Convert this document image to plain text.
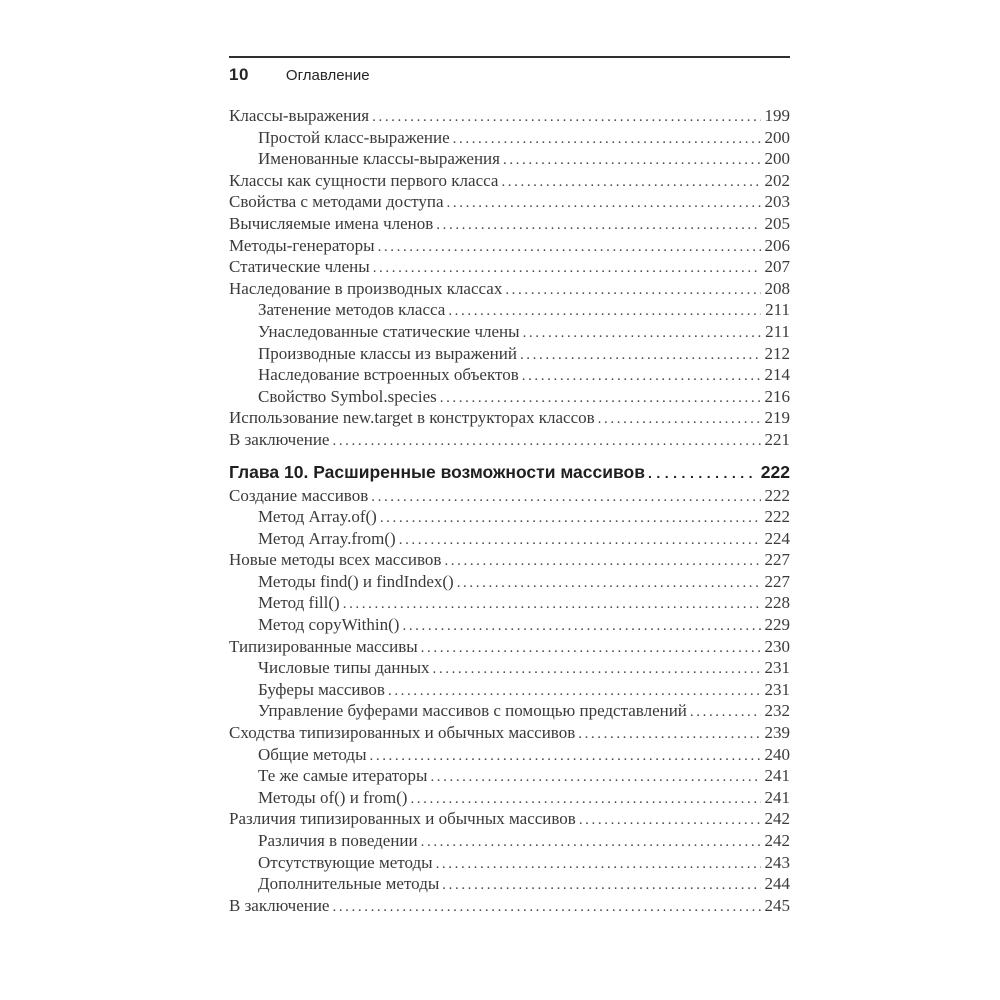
10 Оглавление
Классы-выражения .....	199
Простой класс-выражение .....	200
Именованные классы-выражения .....	200
Классы как сущности первого класса .....	202
Свойства с методами доступа .....	203
Вычисляемые имена членов .....	205
Методы-генераторы .....	206
Статические члены .....	207
Наследование в производных классах .....	208
Затенение методов класса .....	211
Унаследованные статические члены .....	211
Производные классы из выражений .....	212
Наследование встроенных объектов .....	214
Свойство Symbol.species .....	216
Использование new.target в конструкторах классов .....	219
В заключение .....	221
Глава 10. Расширенные возможности массивов .....	222
Создание массивов .....	222
Метод Array.of() .....	222
Метод Array.from() .....	224
Новые методы всех массивов .....	227
Методы find() и findIndex() .....	227
Метод fill() .....	228
Метод copyWithin() .....	229
Типизированные массивы .....	230
Числовые типы данных .....	231
Буферы массивов .....	231
Управление буферами массивов с помощью представлений .....	232
Сходства типизированных и обычных массивов .....	239
Общие методы .....	240
Те же самые итераторы .....	241
Методы of() и from() .....	241
Различия типизированных и обычных массивов .....	242
Различия в поведении .....	242
Отсутствующие методы .....	243
Дополнительные методы .....	244
В заключение .....	245
